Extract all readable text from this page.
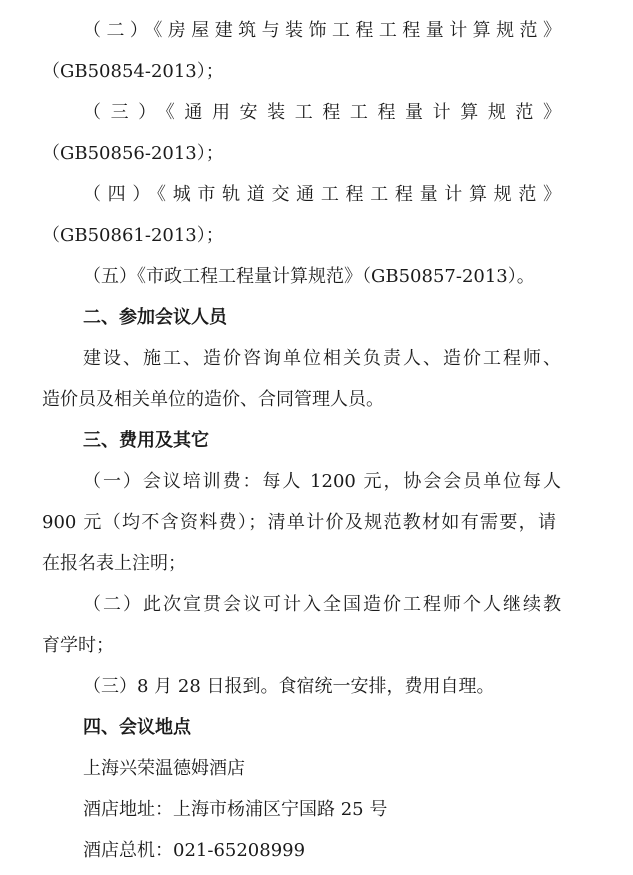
（二）《房屋建筑与装饰工程工程量计算规范》
（GB50854-2013）；
（三）《通用安装工程工程量计算规范》
（GB50856-2013）；
（四）《城市轨道交通工程工程量计算规范》
（GB50861-2013）；
（五）《市政工程工程量计算规范》（GB50857-2013）。
二、参加会议人员
建设、施工、造价咨询单位相关负责人、造价工程师、
造价员及相关单位的造价、合同管理人员。
三、费用及其它
（一）会议培训费：每人 1200 元，协会会员单位每人
900 元（均不含资料费）；清单计价及规范教材如有需要，请
在报名表上注明；
（二）此次宣贯会议可计入全国造价工程师个人继续教
育学时；
（三）8 月 28 日报到。食宿统一安排，费用自理。
四、会议地点
上海兴荣温德姆酒店
酒店地址：上海市杨浦区宁国路 25 号
酒店总机：021-65208999
